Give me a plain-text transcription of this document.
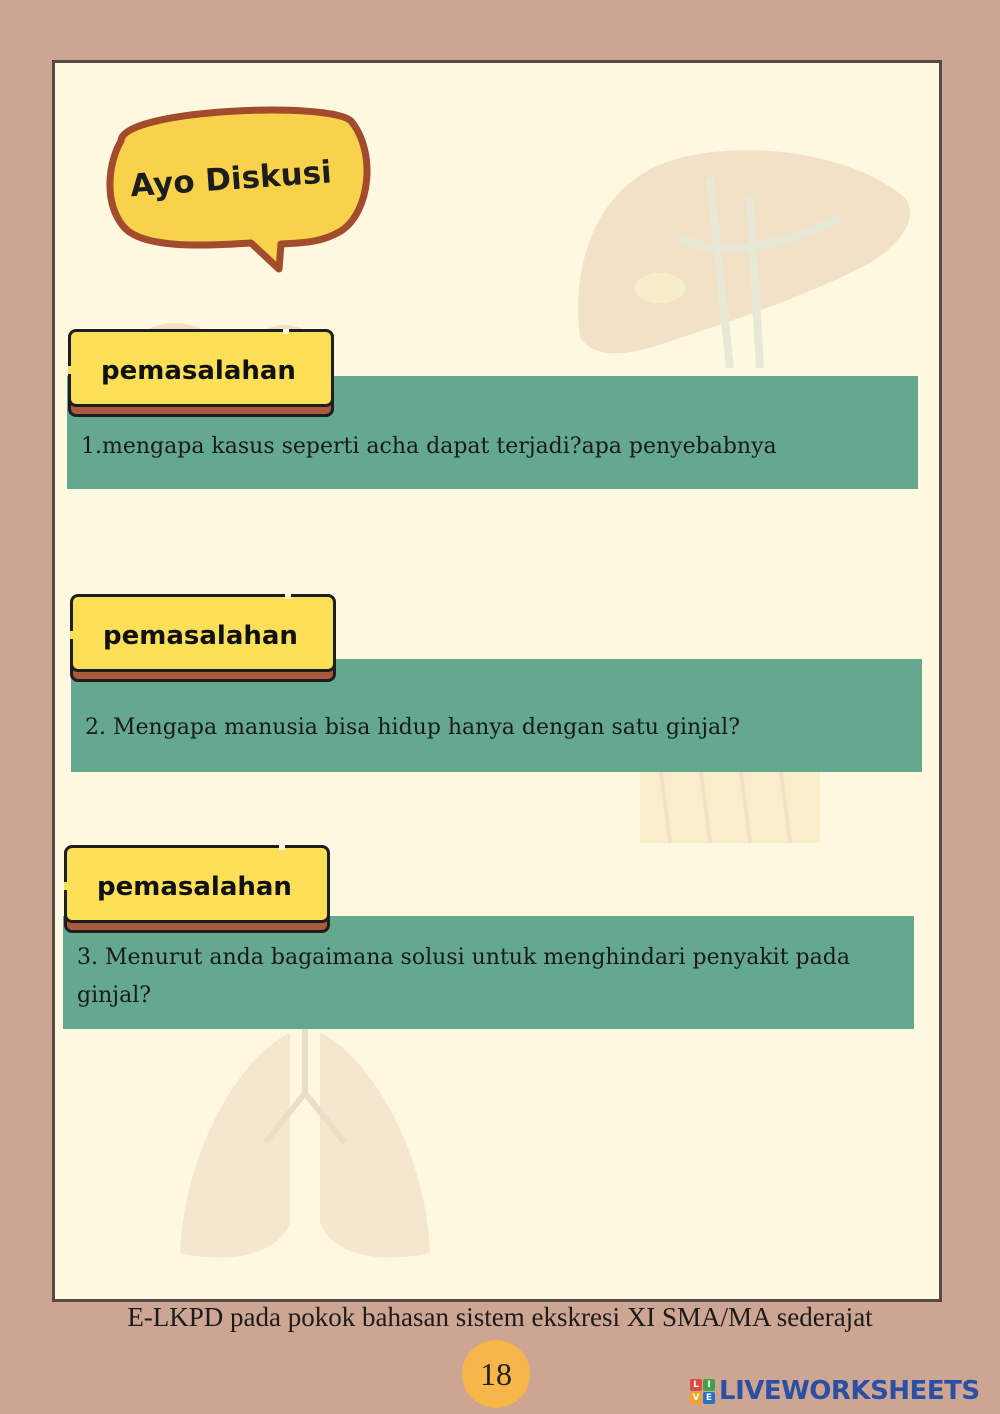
Ayo Diskusi
1.mengapa kasus seperti acha dapat terjadi?apa penyebabnya
pemasalahan
2. Mengapa manusia bisa hidup hanya dengan satu ginjal?
pemasalahan
3. Menurut anda bagaimana solusi untuk menghindari penyakit pada ginjal?
pemasalahan
E-LKPD pada pokok bahasan sistem ekskresi XI SMA/MA sederajat
18	L I
V E LIVEWORKSHEETS
